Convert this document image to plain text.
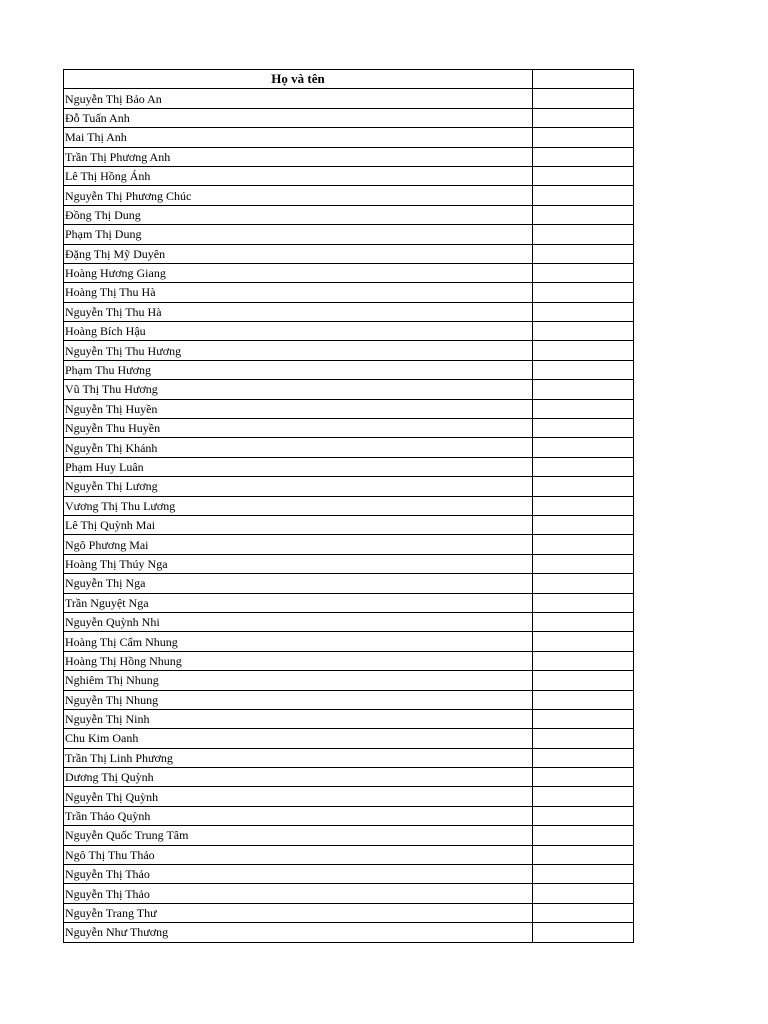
Họ và tên	
Nguyễn Thị Bảo An	
Đỗ Tuấn Anh	
Mai Thị Anh	
Trần Thị Phương Anh	
Lê Thị Hồng Ánh	
Nguyễn Thị Phương Chúc	
Đồng Thị Dung	
Phạm Thị Dung	
Đặng Thị Mỹ Duyên	
Hoàng Hương Giang	
Hoàng Thị Thu Hà	
Nguyễn Thị Thu Hà	
Hoàng Bích Hậu	
Nguyễn Thị Thu Hương	
Phạm Thu Hương	
Vũ Thị Thu Hương	
Nguyễn Thị Huyền	
Nguyễn Thu Huyền	
Nguyễn Thị Khánh	
Phạm Huy Luân	
Nguyễn Thị Lương	
Vương Thị Thu Lương	
Lê Thị Quỳnh Mai	
Ngô Phương Mai	
Hoàng Thị Thúy Nga	
Nguyễn Thị Nga	
Trần Nguyệt Nga	
Nguyễn Quỳnh Nhi	
Hoàng Thị Cẩm Nhung	
Hoàng Thị Hồng Nhung	
Nghiêm Thị Nhung	
Nguyễn Thị Nhung	
Nguyễn Thị Ninh	
Chu Kim Oanh	
Trần Thị Linh Phương	
Dương Thị Quỳnh	
Nguyễn Thị Quỳnh	
Trần Thảo Quỳnh	
Nguyễn Quốc Trung Tâm	
Ngô Thị Thu Thảo	
Nguyễn Thị Thảo	
Nguyễn Thị Thảo	
Nguyễn Trang Thư	
Nguyễn Như Thương	
